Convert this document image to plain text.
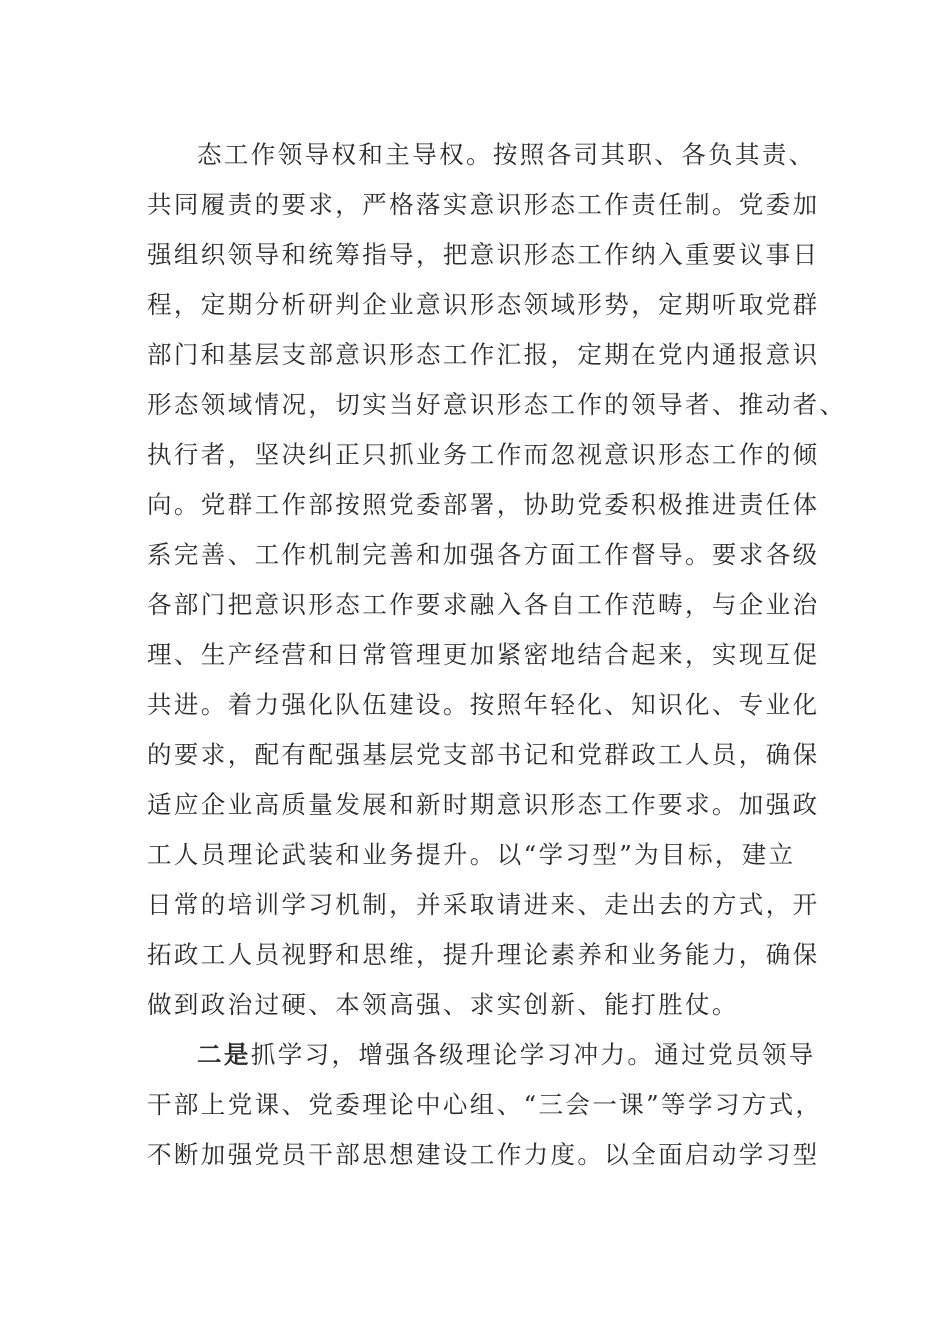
态工作领导权和主导权。按照各司其职、各负其责、
共同履责的要求，严格落实意识形态工作责任制。党委加
强组织领导和统筹指导，把意识形态工作纳入重要议事日
程，定期分析研判企业意识形态领域形势，定期听取党群
部门和基层支部意识形态工作汇报，定期在党内通报意识
形态领域情况，切实当好意识形态工作的领导者、推动者、
执行者，坚决纠正只抓业务工作而忽视意识形态工作的倾
向。党群工作部按照党委部署，协助党委积极推进责任体
系完善、工作机制完善和加强各方面工作督导。要求各级
各部门把意识形态工作要求融入各自工作范畴，与企业治
理、生产经营和日常管理更加紧密地结合起来，实现互促
共进。着力强化队伍建设。按照年轻化、知识化、专业化
的要求，配有配强基层党支部书记和党群政工人员，确保
适应企业高质量发展和新时期意识形态工作要求。加强政
工人员理论武装和业务提升。以“学习型”为目标，建立
日常的培训学习机制，并采取请进来、走出去的方式，开
拓政工人员视野和思维，提升理论素养和业务能力，确保
做到政治过硬、本领高强、求实创新、能打胜仗。
二是抓学习，增强各级理论学习冲力。通过党员领导
干部上党课、党委理论中心组、“三会一课”等学习方式，
不断加强党员干部思想建设工作力度。以全面启动学习型
